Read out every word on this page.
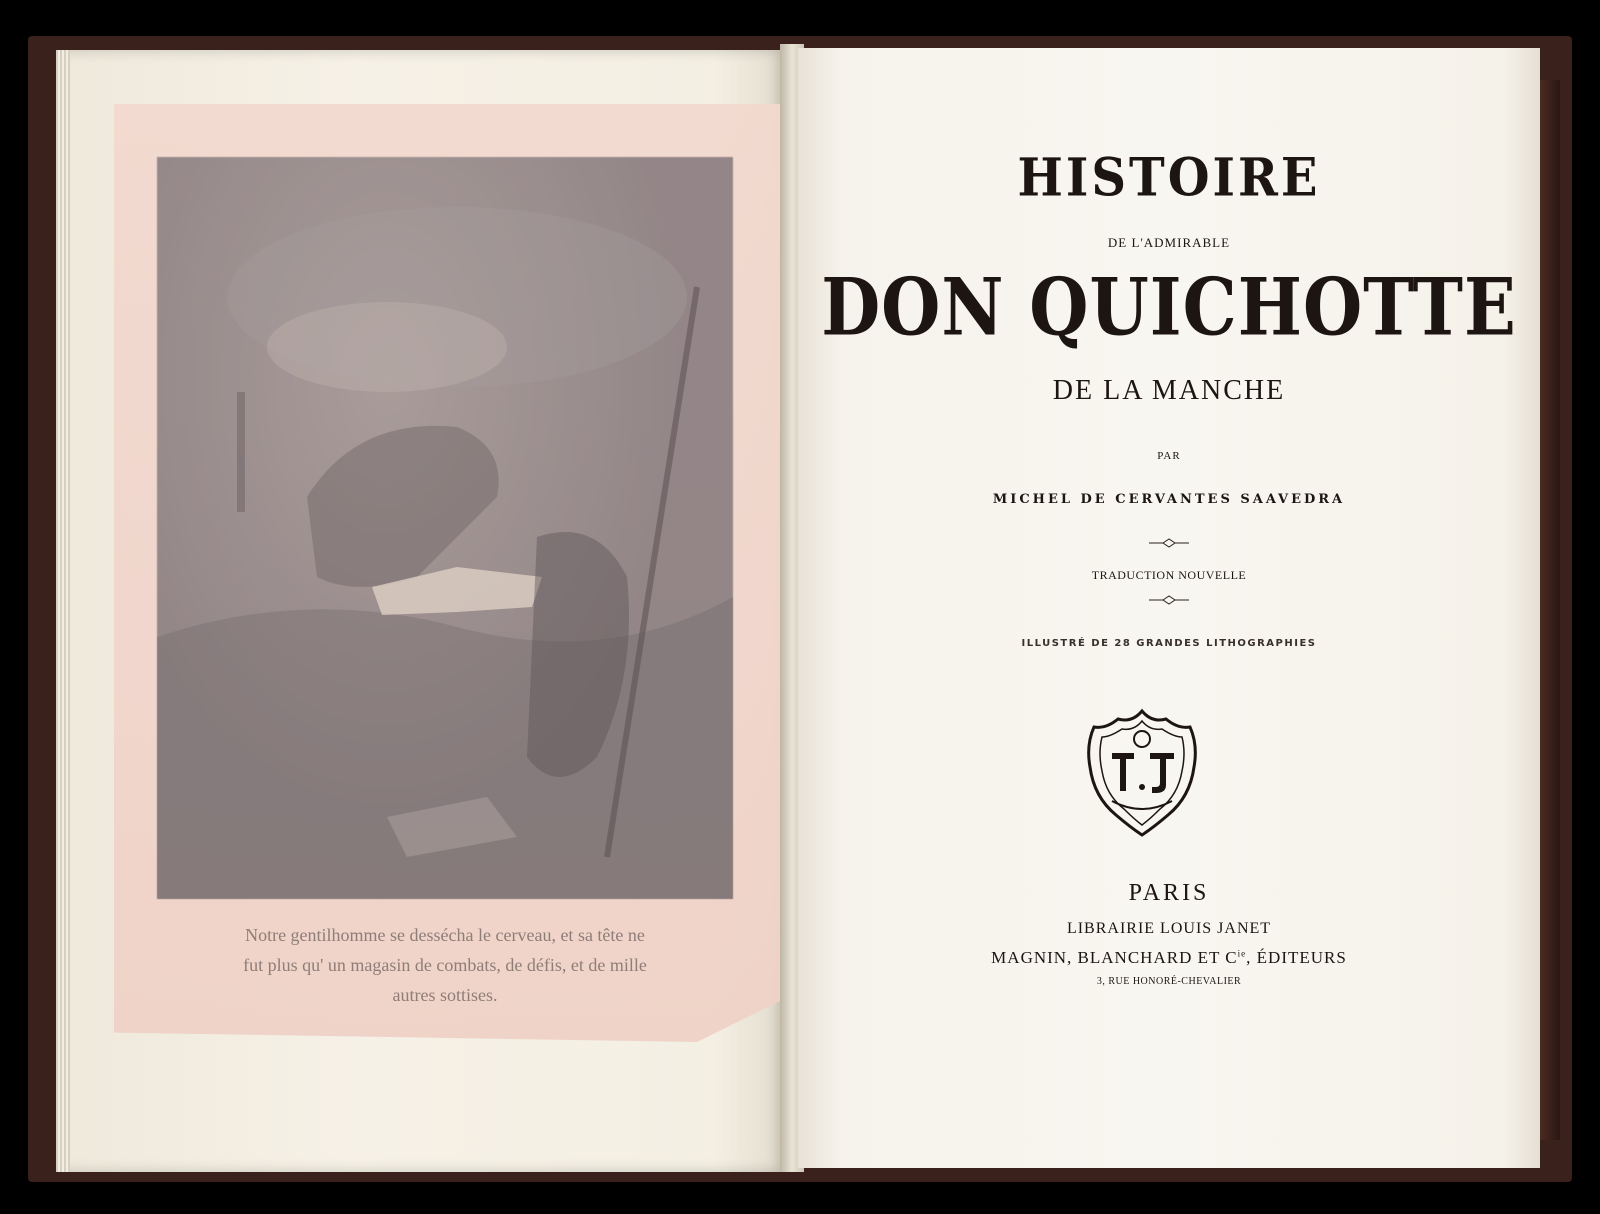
Notre gentilhomme se dessécha le cerveau, et sa tête ne
fut plus qu' un magasin de combats, de défis, et de mille
autres sottises.
HISTOIRE
DE L'ADMIRABLE
DON QUICHOTTE
DE LA MANCHE
PAR
MICHEL DE CERVANTES SAAVEDRA
TRADUCTION NOUVELLE
ILLUSTRÉ DE 28 GRANDES LITHOGRAPHIES
PARIS
LIBRAIRIE LOUIS JANET
MAGNIN, BLANCHARD ET $C^{ie}$, ÉDITEURS
3, RUE HONORÉ-CHEVALIER
